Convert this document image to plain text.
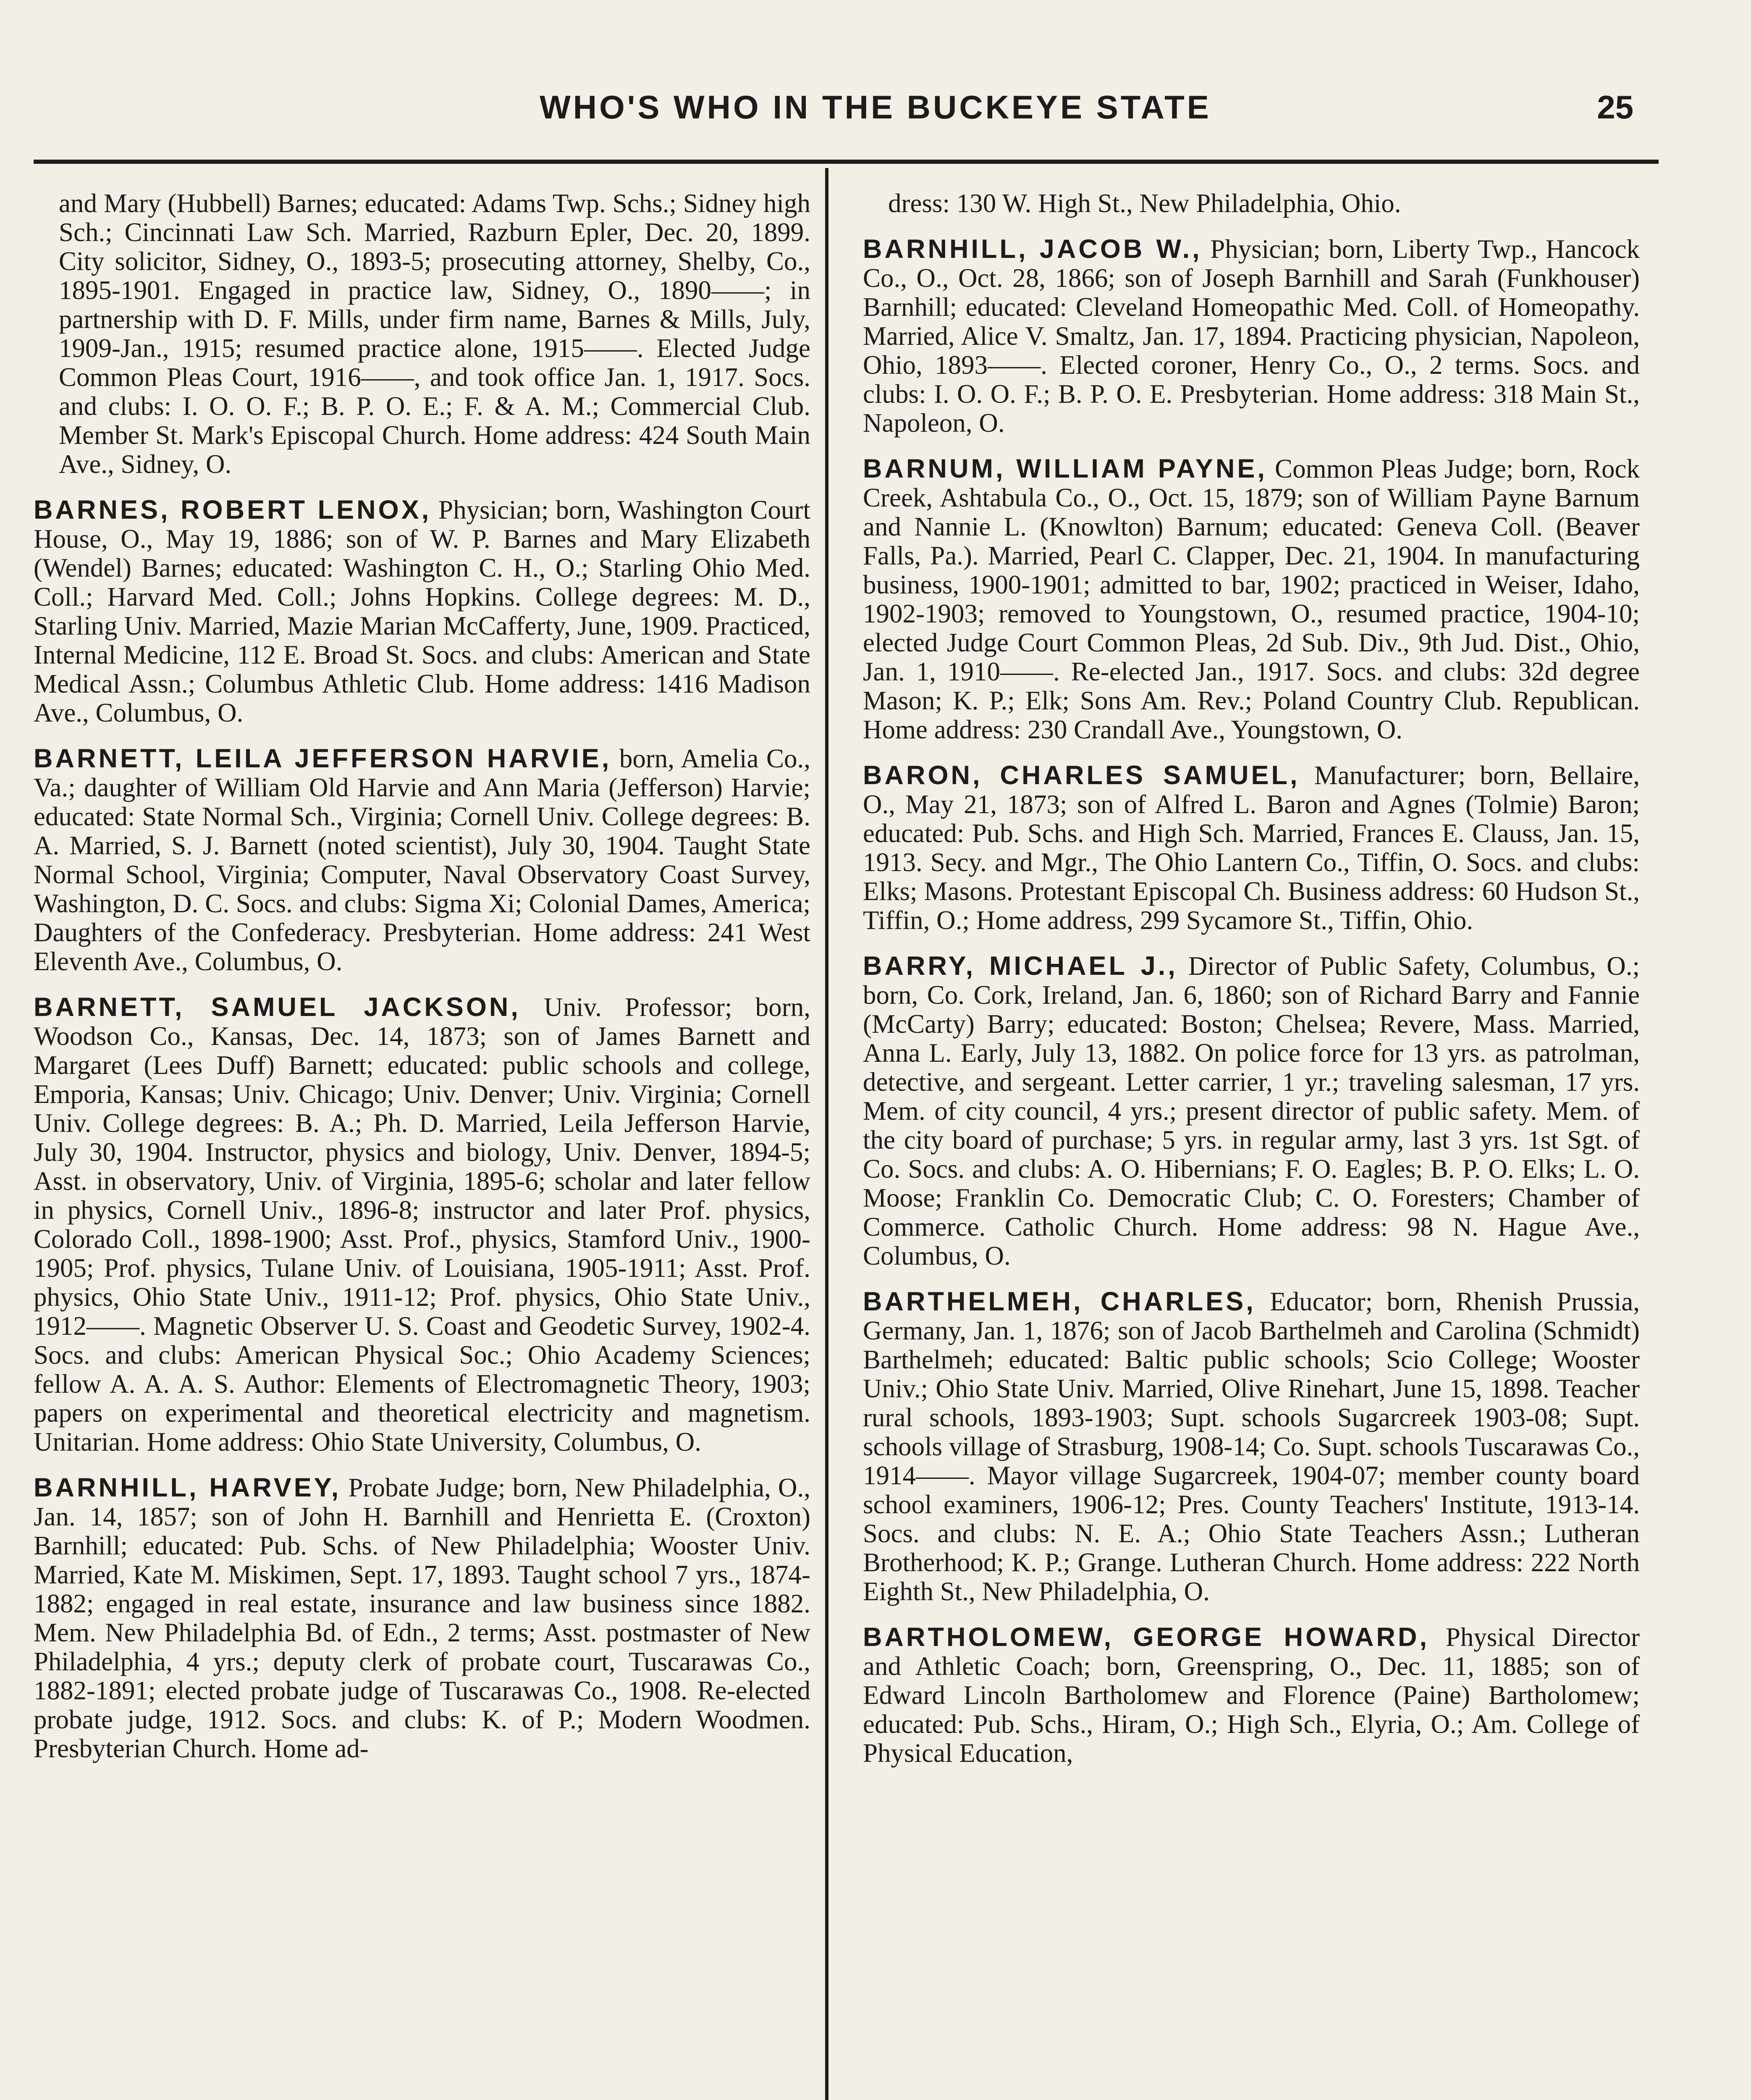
WHO'S WHO IN THE BUCKEYE STATE	25

and Mary (Hubbell) Barnes; educated: Adams Twp. Schs.; Sidney high Sch.; Cincinnati Law Sch. Married, Razburn Epler, Dec. 20, 1899. City solicitor, Sidney, O., 1893-5; prosecuting attorney, Shelby, Co., 1895-1901. Engaged in practice law, Sidney, O., 1890——; in partnership with D. F. Mills, under firm name, Barnes & Mills, July, 1909-Jan., 1915; resumed practice alone, 1915——. Elected Judge Common Pleas Court, 1916——, and took office Jan. 1, 1917. Socs. and clubs: I. O. O. F.; B. P. O. E.; F. & A. M.; Commercial Club. Member St. Mark's Episcopal Church. Home address: 424 South Main Ave., Sidney, O.

BARNES, ROBERT LENOX, Physician; born, Washington Court House, O., May 19, 1886; son of W. P. Barnes and Mary Elizabeth (Wendel) Barnes; educated: Washington C. H., O.; Starling Ohio Med. Coll.; Harvard Med. Coll.; Johns Hopkins. College degrees: M. D., Starling Univ. Married, Mazie Marian McCafferty, June, 1909. Practiced, Internal Medicine, 112 E. Broad St. Socs. and clubs: American and State Medical Assn.; Columbus Athletic Club. Home address: 1416 Madison Ave., Columbus, O.

BARNETT, LEILA JEFFERSON HARVIE, born, Amelia Co., Va.; daughter of William Old Harvie and Ann Maria (Jefferson) Harvie; educated: State Normal Sch., Virginia; Cornell Univ. College degrees: B. A. Married, S. J. Barnett (noted scientist), July 30, 1904. Taught State Normal School, Virginia; Computer, Naval Observatory Coast Survey, Washington, D. C. Socs. and clubs: Sigma Xi; Colonial Dames, America; Daughters of the Confederacy. Presbyterian. Home address: 241 West Eleventh Ave., Columbus, O.

BARNETT, SAMUEL JACKSON, Univ. Professor; born, Woodson Co., Kansas, Dec. 14, 1873; son of James Barnett and Margaret (Lees Duff) Barnett; educated: public schools and college, Emporia, Kansas; Univ. Chicago; Univ. Denver; Univ. Virginia; Cornell Univ. College degrees: B. A.; Ph. D. Married, Leila Jefferson Harvie, July 30, 1904. Instructor, physics and biology, Univ. Denver, 1894-5; Asst. in observatory, Univ. of Virginia, 1895-6; scholar and later fellow in physics, Cornell Univ., 1896-8; instructor and later Prof. physics, Colorado Coll., 1898-1900; Asst. Prof., physics, Stamford Univ., 1900-1905; Prof. physics, Tulane Univ. of Louisiana, 1905-1911; Asst. Prof. physics, Ohio State Univ., 1911-12; Prof. physics, Ohio State Univ., 1912——. Magnetic Observer U. S. Coast and Geodetic Survey, 1902-4. Socs. and clubs: American Physical Soc.; Ohio Academy Sciences; fellow A. A. A. S. Author: Elements of Electromagnetic Theory, 1903; papers on experimental and theoretical electricity and magnetism. Unitarian. Home address: Ohio State University, Columbus, O.

BARNHILL, HARVEY, Probate Judge; born, New Philadelphia, O., Jan. 14, 1857; son of John H. Barnhill and Henrietta E. (Croxton) Barnhill; educated: Pub. Schs. of New Philadelphia; Wooster Univ. Married, Kate M. Miskimen, Sept. 17, 1893. Taught school 7 yrs., 1874-1882; engaged in real estate, insurance and law business since 1882. Mem. New Philadelphia Bd. of Edn., 2 terms; Asst. postmaster of New Philadelphia, 4 yrs.; deputy clerk of probate court, Tuscarawas Co., 1882-1891; elected probate judge of Tuscarawas Co., 1908. Re-elected probate judge, 1912. Socs. and clubs: K. of P.; Modern Woodmen. Presbyterian Church. Home ad-

dress: 130 W. High St., New Philadelphia, Ohio.

BARNHILL, JACOB W., Physician; born, Liberty Twp., Hancock Co., O., Oct. 28, 1866; son of Joseph Barnhill and Sarah (Funkhouser) Barnhill; educated: Cleveland Homeopathic Med. Coll. of Homeopathy. Married, Alice V. Smaltz, Jan. 17, 1894. Practicing physician, Napoleon, Ohio, 1893——. Elected coroner, Henry Co., O., 2 terms. Socs. and clubs: I. O. O. F.; B. P. O. E. Presbyterian. Home address: 318 Main St., Napoleon, O.

BARNUM, WILLIAM PAYNE, Common Pleas Judge; born, Rock Creek, Ashtabula Co., O., Oct. 15, 1879; son of William Payne Barnum and Nannie L. (Knowlton) Barnum; educated: Geneva Coll. (Beaver Falls, Pa.). Married, Pearl C. Clapper, Dec. 21, 1904. In manufacturing business, 1900-1901; admitted to bar, 1902; practiced in Weiser, Idaho, 1902-1903; removed to Youngstown, O., resumed practice, 1904-10; elected Judge Court Common Pleas, 2d Sub. Div., 9th Jud. Dist., Ohio, Jan. 1, 1910——. Re-elected Jan., 1917. Socs. and clubs: 32d degree Mason; K. P.; Elk; Sons Am. Rev.; Poland Country Club. Republican. Home address: 230 Crandall Ave., Youngstown, O.

BARON, CHARLES SAMUEL, Manufacturer; born, Bellaire, O., May 21, 1873; son of Alfred L. Baron and Agnes (Tolmie) Baron; educated: Pub. Schs. and High Sch. Married, Frances E. Clauss, Jan. 15, 1913. Secy. and Mgr., The Ohio Lantern Co., Tiffin, O. Socs. and clubs: Elks; Masons. Protestant Episcopal Ch. Business address: 60 Hudson St., Tiffin, O.; Home address, 299 Sycamore St., Tiffin, Ohio.

BARRY, MICHAEL J., Director of Public Safety, Columbus, O.; born, Co. Cork, Ireland, Jan. 6, 1860; son of Richard Barry and Fannie (McCarty) Barry; educated: Boston; Chelsea; Revere, Mass. Married, Anna L. Early, July 13, 1882. On police force for 13 yrs. as patrolman, detective, and sergeant. Letter carrier, 1 yr.; traveling salesman, 17 yrs. Mem. of city council, 4 yrs.; present director of public safety. Mem. of the city board of purchase; 5 yrs. in regular army, last 3 yrs. 1st Sgt. of Co. Socs. and clubs: A. O. Hibernians; F. O. Eagles; B. P. O. Elks; L. O. Moose; Franklin Co. Democratic Club; C. O. Foresters; Chamber of Commerce. Catholic Church. Home address: 98 N. Hague Ave., Columbus, O.

BARTHELMEH, CHARLES, Educator; born, Rhenish Prussia, Germany, Jan. 1, 1876; son of Jacob Barthelmeh and Carolina (Schmidt) Barthelmeh; educated: Baltic public schools; Scio College; Wooster Univ.; Ohio State Univ. Married, Olive Rinehart, June 15, 1898. Teacher rural schools, 1893-1903; Supt. schools Sugarcreek 1903-08; Supt. schools village of Strasburg, 1908-14; Co. Supt. schools Tuscarawas Co., 1914——. Mayor village Sugarcreek, 1904-07; member county board school examiners, 1906-12; Pres. County Teachers' Institute, 1913-14. Socs. and clubs: N. E. A.; Ohio State Teachers Assn.; Lutheran Brotherhood; K. P.; Grange. Lutheran Church. Home address: 222 North Eighth St., New Philadelphia, O.

BARTHOLOMEW, GEORGE HOWARD, Physical Director and Athletic Coach; born, Greenspring, O., Dec. 11, 1885; son of Edward Lincoln Bartholomew and Florence (Paine) Bartholomew; educated: Pub. Schs., Hiram, O.; High Sch., Elyria, O.; Am. College of Physical Education,
